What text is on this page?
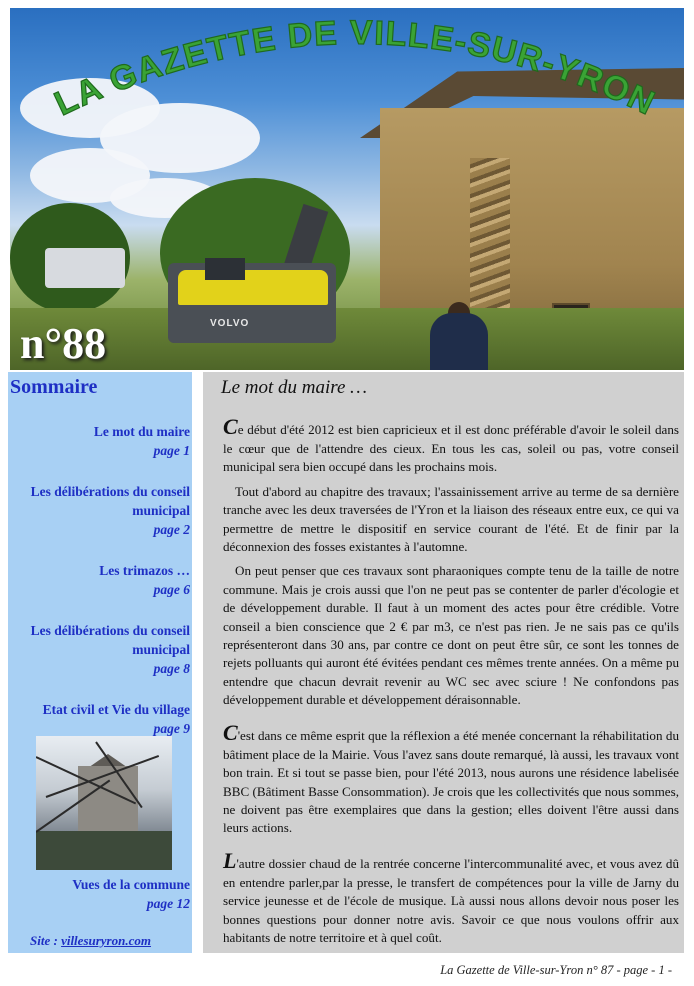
VOLVO
LA GAZETTE DE VILLE-SUR-YRON
n°88
Sommaire
Le mot du maire
page 1
Les délibérations du conseil municipal
page 2
Les trimazos …
page 6
Les délibérations du conseil municipal
page 8
Etat civil et Vie du village
page 9
Vues de la commune
page 12
Site : villesuryron.com
Le mot du maire …

Ce début d'été 2012 est bien capricieux et il est donc préférable d'avoir le soleil dans le cœur que de l'attendre des cieux. En tous les cas, soleil ou pas, votre conseil municipal sera bien occupé dans les prochains mois.

Tout d'abord au chapitre des travaux; l'assainissement arrive au terme de sa dernière tranche avec les deux traversées de l'Yron et la liaison des réseaux entre eux, ce qui va permettre de mettre le dispositif en service courant de l'été. Et de finir par la déconnexion des fosses existantes à l'automne.

On peut penser que ces travaux sont pharaoniques compte tenu de la taille de notre commune. Mais je crois aussi que l'on ne peut pas se contenter de parler d'écologie et de développement durable. Il faut à un moment des actes pour être crédible. Votre conseil a bien conscience que 2 € par m3, ce n'est pas rien. Je ne sais pas ce qu'ils représenteront dans 30 ans, par contre ce dont on peut être sûr, ce sont les tonnes de rejets polluants qui auront été évitées pendant ces mêmes trente années. On a même pu entendre que chacun devrait revenir au WC sec avec sciure ! Ne confondons pas développement durable et développement déraisonnable.

C'est dans ce même esprit que la réflexion a été menée concernant la réhabilitation du bâtiment place de la Mairie. Vous l'avez sans doute remarqué, là aussi, les travaux vont bon train. Et si tout se passe bien, pour l'été 2013, nous aurons une résidence labelisée BBC (Bâtiment Basse Consommation). Je crois que les collectivités que nous sommes, ne doivent pas être exemplaires que dans la gestion; elles doivent l'être aussi dans leurs actions.

L'autre dossier chaud de la rentrée concerne l'intercommunalité avec, et vous avez dû en entendre parler,par la presse, le transfert de compétences pour la ville de Jarny du service jeunesse et de l'école de musique. Là aussi nous allons devoir nous poser les bonnes questions pour donner notre avis. Savoir ce que nous voulons offrir aux habitants de notre territoire et à quel coût.

La Gazette de Ville-sur-Yron n° 87 - page - 1 -
